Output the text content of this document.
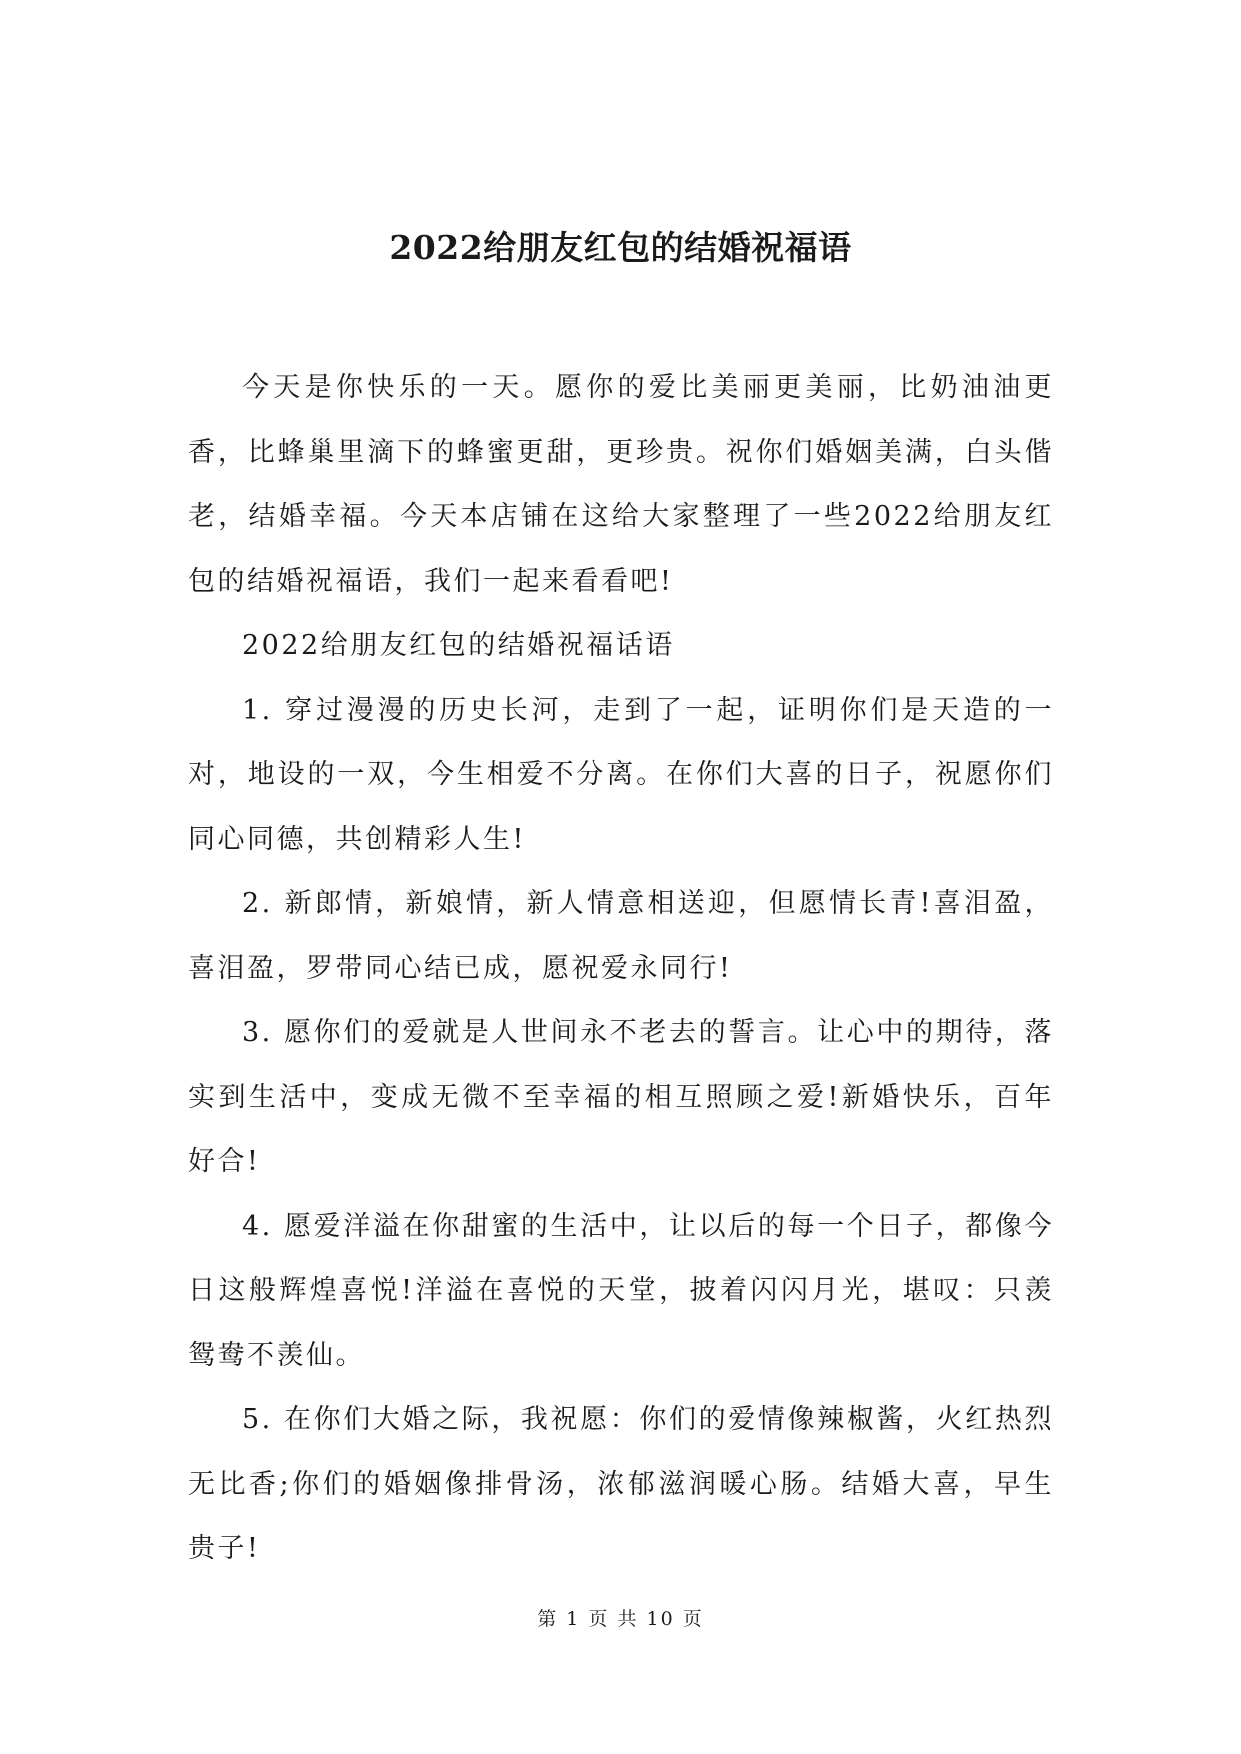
2022给朋友红包的结婚祝福语

今天是你快乐的一天。愿你的爱比美丽更美丽，比奶油油更香，比蜂巢里滴下的蜂蜜更甜，更珍贵。祝你们婚姻美满，白头偕老，结婚幸福。今天本店铺在这给大家整理了一些2022给朋友红包的结婚祝福语，我们一起来看看吧!

2022给朋友红包的结婚祝福话语

1. 穿过漫漫的历史长河，走到了一起，证明你们是天造的一对，地设的一双，今生相爱不分离。在你们大喜的日子，祝愿你们同心同德，共创精彩人生!

2. 新郎情，新娘情，新人情意相送迎，但愿情长青!喜泪盈，喜泪盈，罗带同心结已成，愿祝爱永同行!

3. 愿你们的爱就是人世间永不老去的誓言。让心中的期待，落实到生活中，变成无微不至幸福的相互照顾之爱!新婚快乐，百年好合!

4. 愿爱洋溢在你甜蜜的生活中，让以后的每一个日子，都像今日这般辉煌喜悦!洋溢在喜悦的天堂，披着闪闪月光，堪叹：只羡鸳鸯不羡仙。

5. 在你们大婚之际，我祝愿：你们的爱情像辣椒酱，火红热烈无比香;你们的婚姻像排骨汤，浓郁滋润暖心肠。结婚大喜，早生贵子!

第 1 页 共 10 页
